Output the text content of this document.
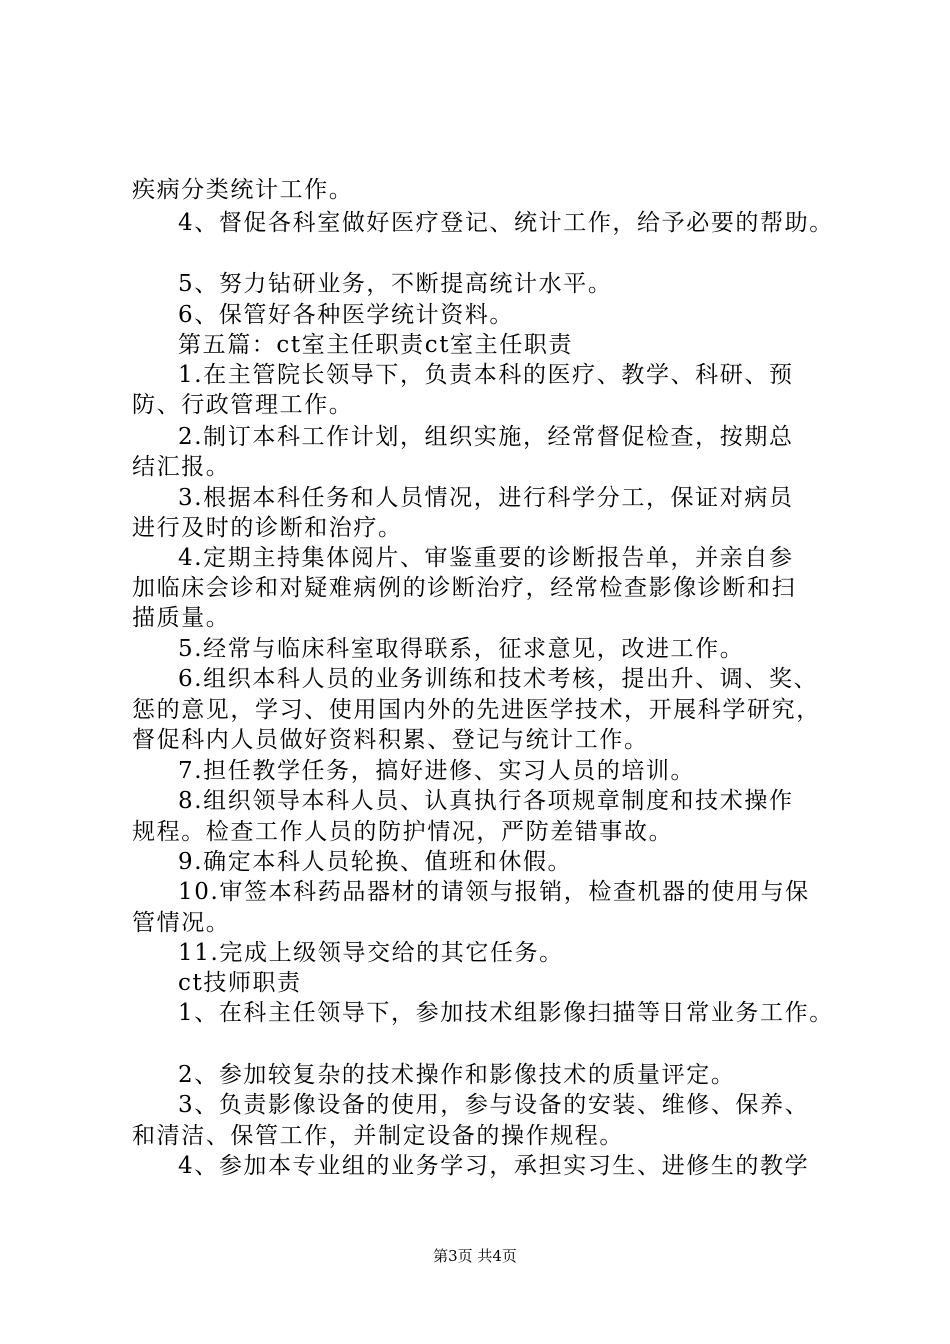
疾病分类统计工作。
4、督促各科室做好医疗登记、统计工作，给予必要的帮助。
5、努力钻研业务，不断提高统计水平。
6、保管好各种医学统计资料。
第五篇：ct室主任职责ct室主任职责
1.在主管院长领导下，负责本科的医疗、教学、科研、预
防、行政管理工作。
2.制订本科工作计划，组织实施，经常督促检查，按期总
结汇报。
3.根据本科任务和人员情况，进行科学分工，保证对病员
进行及时的诊断和治疗。
4.定期主持集体阅片、审鉴重要的诊断报告单，并亲自参
加临床会诊和对疑难病例的诊断治疗，经常检查影像诊断和扫
描质量。
5.经常与临床科室取得联系，征求意见，改进工作。
6.组织本科人员的业务训练和技术考核，提出升、调、奖、
惩的意见，学习、使用国内外的先进医学技术，开展科学研究，
督促科内人员做好资料积累、登记与统计工作。
7.担任教学任务，搞好进修、实习人员的培训。
8.组织领导本科人员、认真执行各项规章制度和技术操作
规程。检查工作人员的防护情况，严防差错事故。
9.确定本科人员轮换、值班和休假。
10.审签本科药品器材的请领与报销，检查机器的使用与保
管情况。
11.完成上级领导交给的其它任务。
ct技师职责
1、在科主任领导下，参加技术组影像扫描等日常业务工作。
2、参加较复杂的技术操作和影像技术的质量评定。
3、负责影像设备的使用，参与设备的安装、维修、保养、
和清洁、保管工作，并制定设备的操作规程。
4、参加本专业组的业务学习，承担实习生、进修生的教学
第3页 共4页
